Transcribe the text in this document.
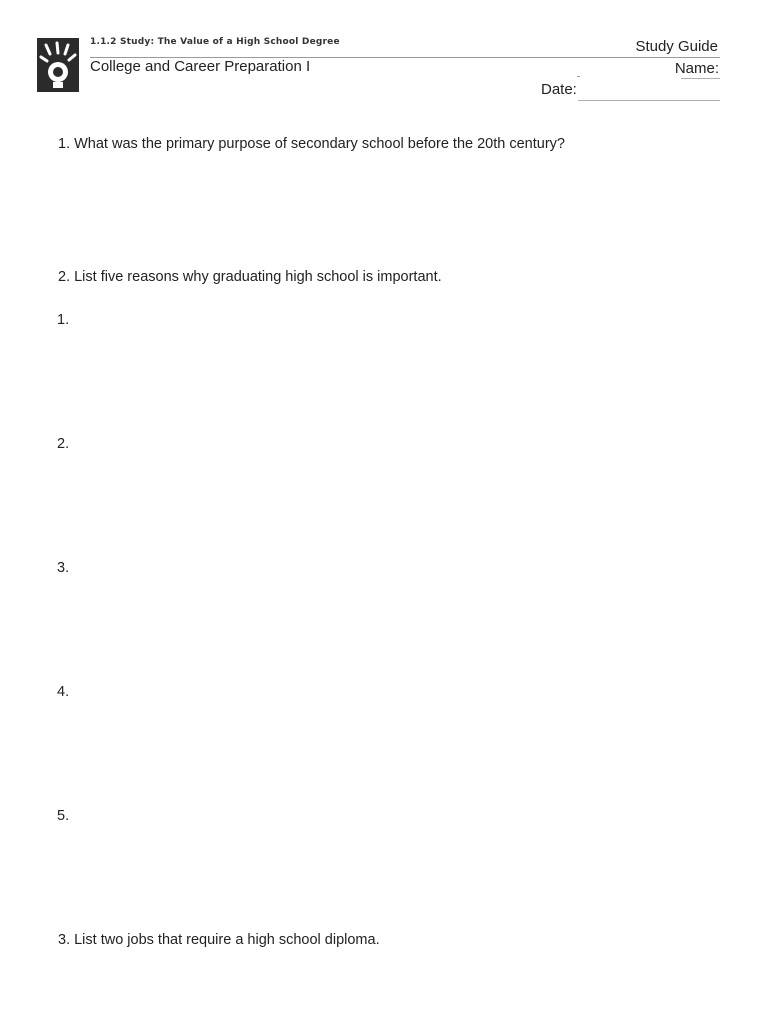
1.1.2 Study: The Value of a High School Degree	Study Guide
College and Career Preparation I	Name:
Date:
1. What was the primary purpose of secondary school before the 20th century?
2. List five reasons why graduating high school is important.
1.
2.
3.
4.
5.
3. List two jobs that require a high school diploma.
